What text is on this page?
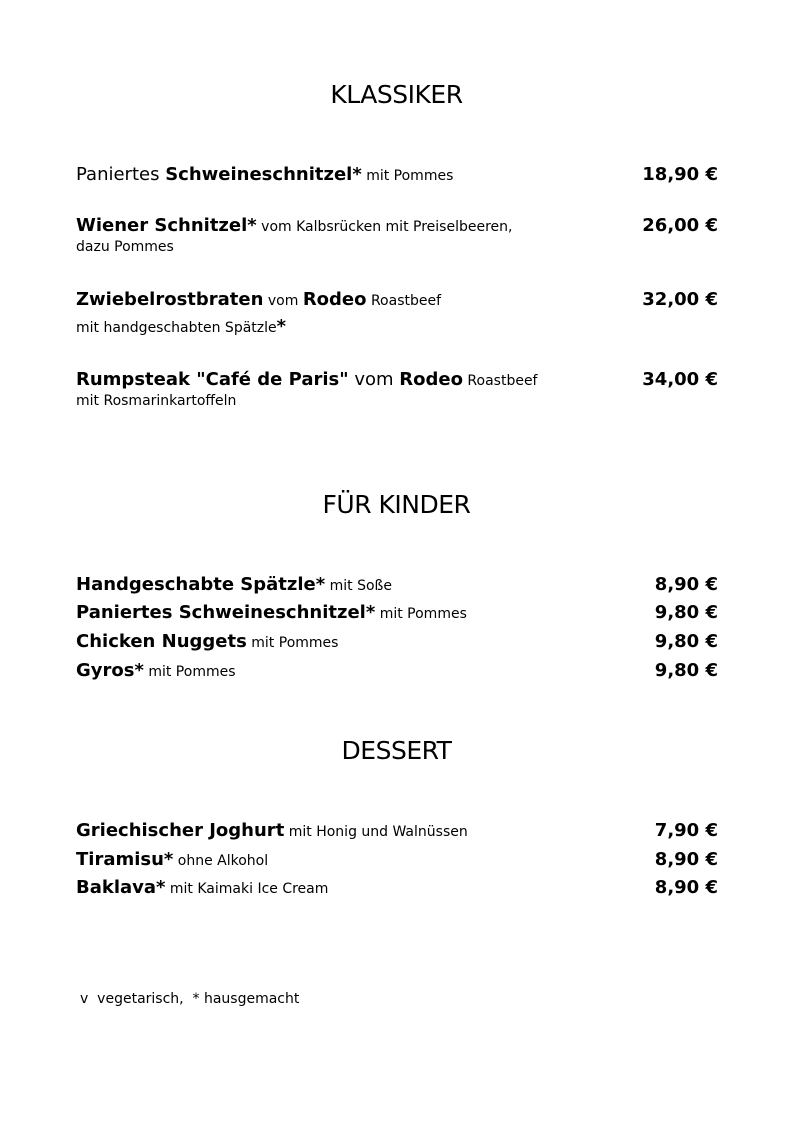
KLASSIKER
Paniertes Schweineschnitzel* mit Pommes	18,90 €
Wiener Schnitzel* vom Kalbsrücken mit Preiselbeeren,
dazu Pommes
26,00 €
Zwiebelrostbraten vom Rodeo Roastbeef
mit handgeschabten Spätzle*
32,00 €
Rumpsteak "Café de Paris" vom Rodeo Roastbeef
mit Rosmarinkartoffeln
34,00 €
FÜR KINDER
Handgeschabte Spätzle* mit Soße	8,90 €
Paniertes Schweineschnitzel* mit Pommes	9,80 €
Chicken Nuggets mit Pommes	9,80 €
Gyros* mit Pommes	9,80 €
DESSERT
Griechischer Joghurt mit Honig und Walnüssen	7,90 €
Tiramisu* ohne Alkohol	8,90 €
Baklava* mit Kaimaki Ice Cream	8,90 €
v  vegetarisch,  * hausgemacht
